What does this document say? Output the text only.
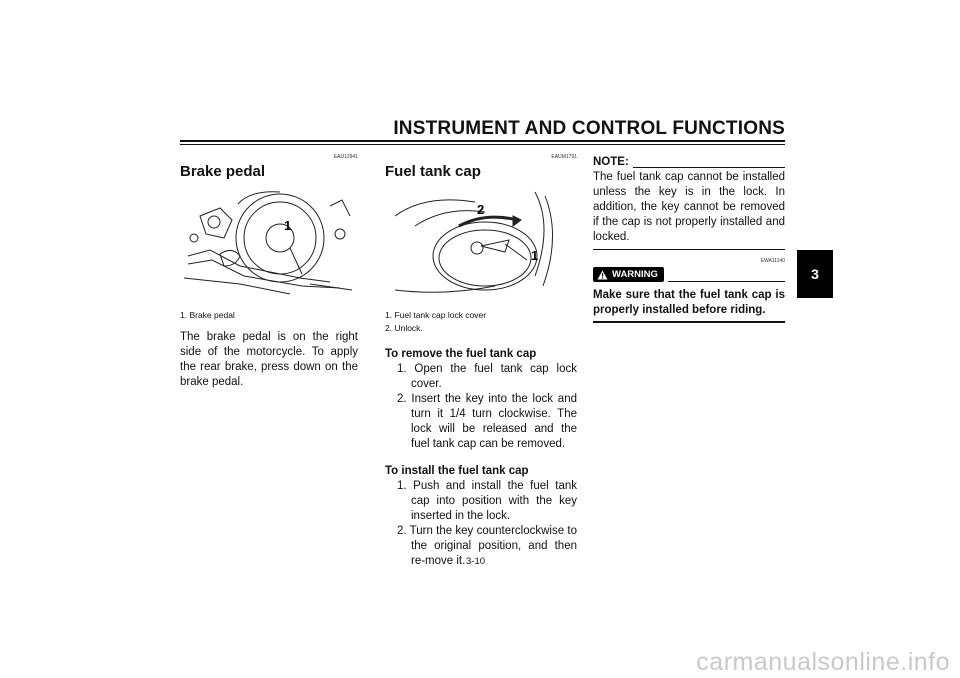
INSTRUMENT AND CONTROL FUNCTIONS
3
EAU12941
Brake pedal
1
1. Brake pedal
The brake pedal is on the right side of the motorcycle. To apply the rear brake, press down on the brake pedal.
EAUM1791
Fuel tank cap
2
1
1. Fuel tank cap lock cover
2. Unlock.
To remove the fuel tank cap
1. Open the fuel tank cap lock cover.
2. Insert the key into the lock and turn it 1/4 turn clockwise. The lock will be released and the fuel tank cap can be removed.
To install the fuel tank cap
1. Push and install the fuel tank cap into position with the key inserted in the lock.
2. Turn the key counterclockwise to the original position, and then re-move it.
NOTE:
The fuel tank cap cannot be installed unless the key is in the lock. In addition, the key cannot be removed if the cap is not properly installed and locked.
EWA11140
WARNING
Make sure that the fuel tank cap is properly installed before riding.
3-10
carmanualsonline.info
